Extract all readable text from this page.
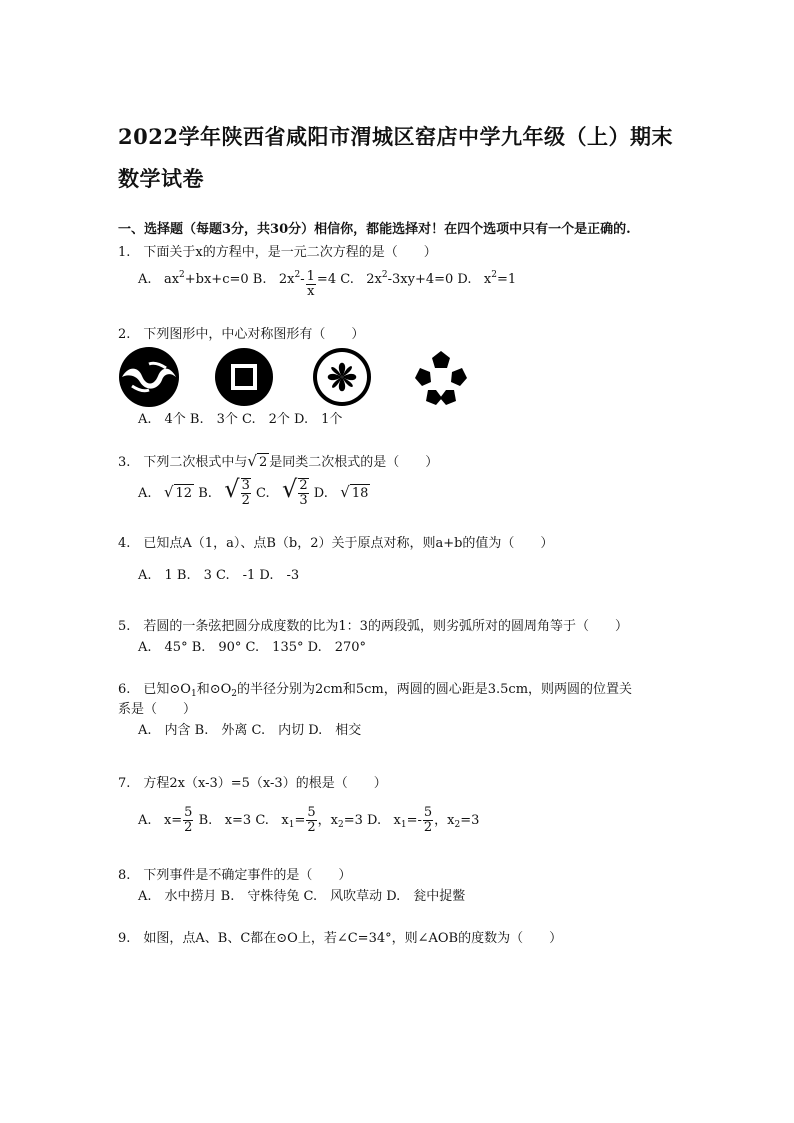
2022学年陕西省咸阳市渭城区窑店中学九年级（上）期末数学试卷
一、选择题（每题3分，共30分）相信你，都能选择对！在四个选项中只有一个是正确的.
1.　下面关于x的方程中，是一元二次方程的是（　　）
A. $ax^2+bx+c=0$ B. $2x^2- \frac{1}{x} =4$ C. $2x^2-3xy+4=0$ D. $x^2=1$
2.　下列图形中，中心对称图形有（　　）
A.　4个 B.　3个 C.　2个 D.　1个
3.　下列二次根式中与√ 2 是同类二次根式的是（　　）
A. √ 12 B. √ $\frac{3}{2} C$. √ $\frac{2}{3} D$. √ 18
4.　已知点A（1，a）、点B（b，2）关于原点对称，则a+b的值为（　　）
A.　1 B.　3 C.　-1 D.　-3
5.　若圆的一条弦把圆分成度数的比为1：3的两段弧，则劣弧所对的圆周角等于（　　）
A.　45° B.　90° C.　135° D.　270°
6.　已知$⊙O_1$和$⊙O_2$的半径分别为2cm和5cm，两圆的圆心距是3.5cm，则两圆的位置关
系是（　　）
A.　内含 B.　外离 C.　内切 D.　相交
7.　方程2x（x-3）=5（x-3）的根是（　　）
A. $x= \frac{5}{2} B$. x=3 C. $x_1= \frac{5}{2}$ ，$x_2=3$ D. $x_1=- \frac{5}{2}$ ，$x_2=3$
8.　下列事件是不确定事件的是（　　）
A.　水中捞月 B.　守株待兔 C.　风吹草动 D.　瓮中捉鳖
9.　如图，点A、B、C都在⊙O上，若∠C=34°，则∠AOB的度数为（　　）
